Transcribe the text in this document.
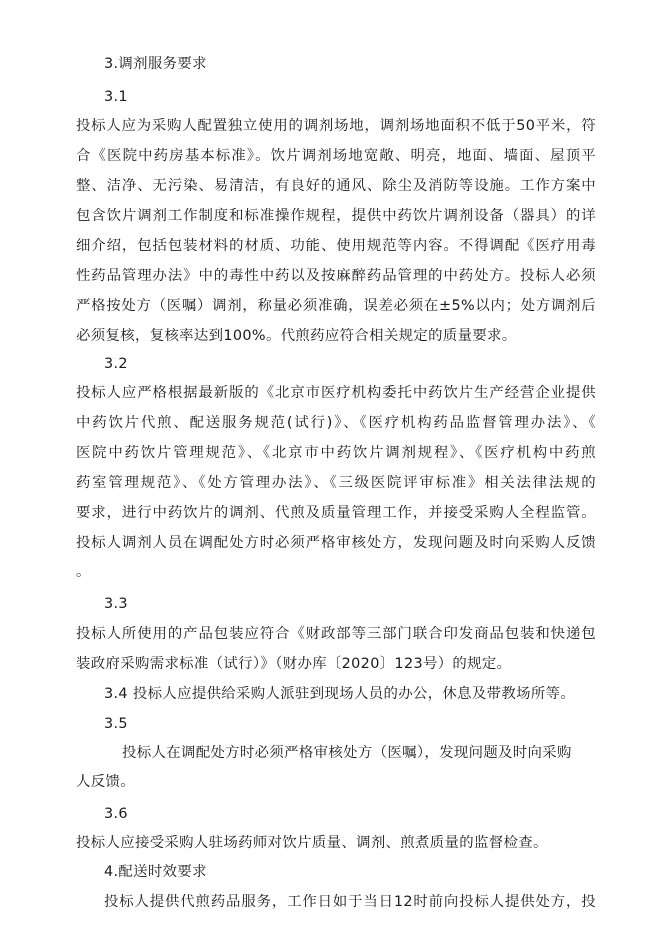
3.调剂服务要求
3.1
投标人应为采购人配置独立使用的调剂场地，调剂场地面积不低于50平米，符
合《医院中药房基本标准》。饮片调剂场地宽敞、明亮，地面、墙面、屋顶平
整、洁净、无污染、易清洁，有良好的通风、除尘及消防等设施。工作方案中
包含饮片调剂工作制度和标准操作规程，提供中药饮片调剂设备（器具）的详
细介绍，包括包装材料的材质、功能、使用规范等内容。不得调配《医疗用毒
性药品管理办法》中的毒性中药以及按麻醉药品管理的中药处方。投标人必须
严格按处方（医嘱）调剂，称量必须准确，误差必须在±5%以内；处方调剂后
必须复核，复核率达到100%。代煎药应符合相关规定的质量要求。
3.2
投标人应严格根据最新版的《北京市医疗机构委托中药饮片生产经营企业提供
中药饮片代煎、配送服务规范(试行)》、《医疗机构药品监督管理办法》、《
医院中药饮片管理规范》、《北京市中药饮片调剂规程》、《医疗机构中药煎
药室管理规范》、《处方管理办法》、《三级医院评审标准》相关法律法规的
要求，进行中药饮片的调剂、代煎及质量管理工作，并接受采购人全程监管。
投标人调剂人员在调配处方时必须严格审核处方，发现问题及时向采购人反馈
。
3.3
投标人所使用的产品包装应符合《财政部等三部门联合印发商品包装和快递包
装政府采购需求标准（试行）》（财办库〔2020〕123号）的规定。
3.4 投标人应提供给采购人派驻到现场人员的办公，休息及带教场所等。
3.5
投标人在调配处方时必须严格审核处方（医嘱），发现问题及时向采购
人反馈。
3.6
投标人应接受采购人驻场药师对饮片质量、调剂、煎煮质量的监督检查。
4.配送时效要求
投标人提供代煎药品服务，工作日如于当日12时前向投标人提供处方，投
